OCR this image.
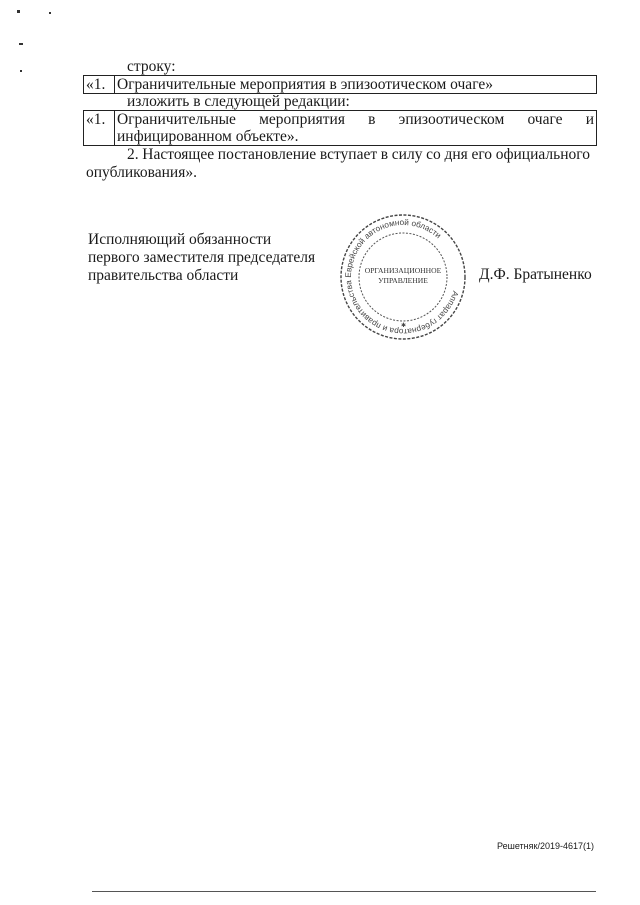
строку:
«1.	Ограничительные мероприятия в эпизоотическом очаге»
изложить в следующей редакции:
«1.	Ограничительные мероприятия в эпизоотическом очаге и
инфицированном объекте».
2. Настоящее постановление вступает в силу со дня его официального
опубликования».
Исполняющий обязанности
первого заместителя председателя
правительства области	Д.Ф. Братыненко
Аппарат губернатора и правительства Еврейской автономной области
ОРГАНИЗАЦИОННОЕ
УПРАВЛЕНИЕ
✱
Решетняк/2019-4617(1)
